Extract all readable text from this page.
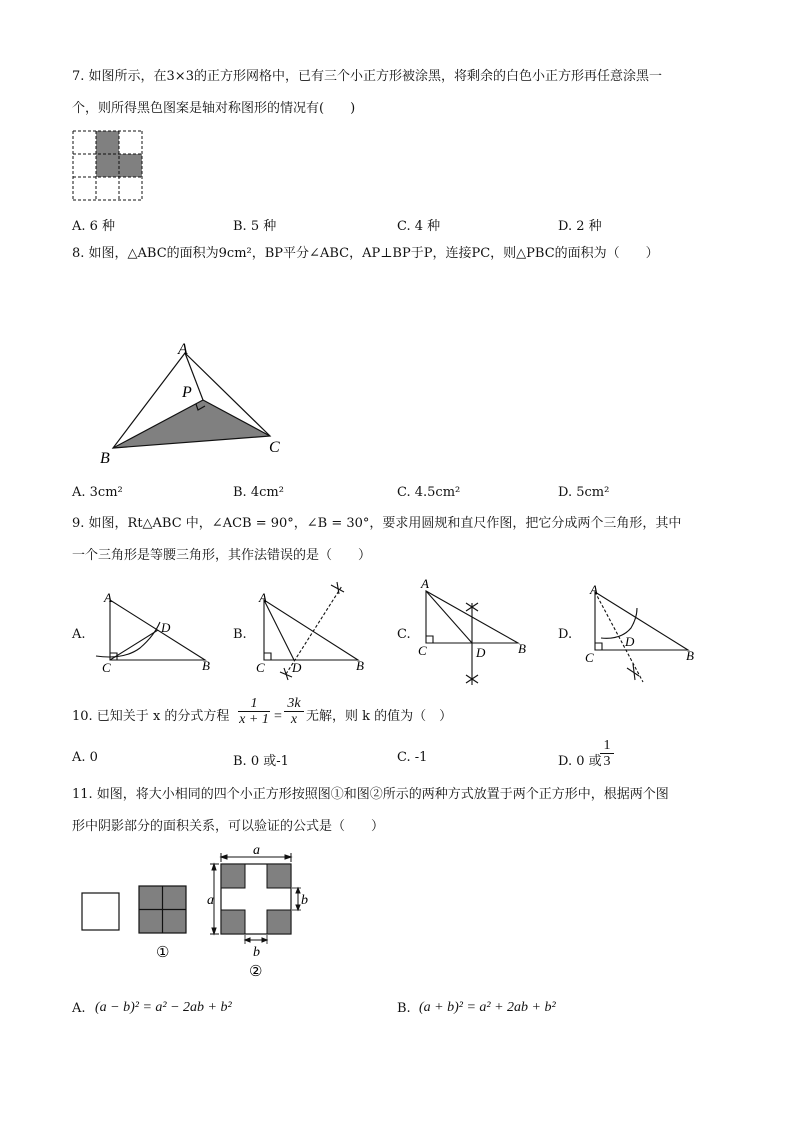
7. 如图所示，在3×3的正方形网格中，已有三个小正方形被涂黑，将剩余的白色小正方形再任意涂黑一
个，则所得黑色图案是轴对称图形的情况有(　　)
A. 6 种	B. 5 种	C. 4 种	D. 2 种
8. 如图，△ABC的面积为9cm²，BP平分∠ABC，AP⊥BP于P，连接PC，则△PBC的面积为（　　）
A
B
C
P
A. 3cm²	B. 4cm²	C. 4.5cm²	D. 5cm²
9. 如图，Rt△ABC 中，∠ACB = 90°，∠B = 30°，要求用圆规和直尺作图，把它分成两个三角形，其中
一个三角形是等腰三角形，其作法错误的是（　　）
A.
A
C	B
D	B.
A
C D	B
C.
A
C	D	B
D.
A
C
D
B
10. 已知关于 x 的分式方程 $\frac{1}{x + 1} = \frac{3k}{x}$ 无解，则 k 的值为（　）
A. 0	B. 0 或-1	C. -1	D. 0 或
$\frac{1}{3}$
11. 如图，将大小相同的四个小正方形按照图①和图②所示的两种方式放置于两个正方形中，根据两个图
形中阴影部分的面积关系，可以验证的公式是（　　）
①
a
a	b
b
②
A. (a − b)² = a² − 2ab + b²	B. (a + b)² = a² + 2ab + b²
